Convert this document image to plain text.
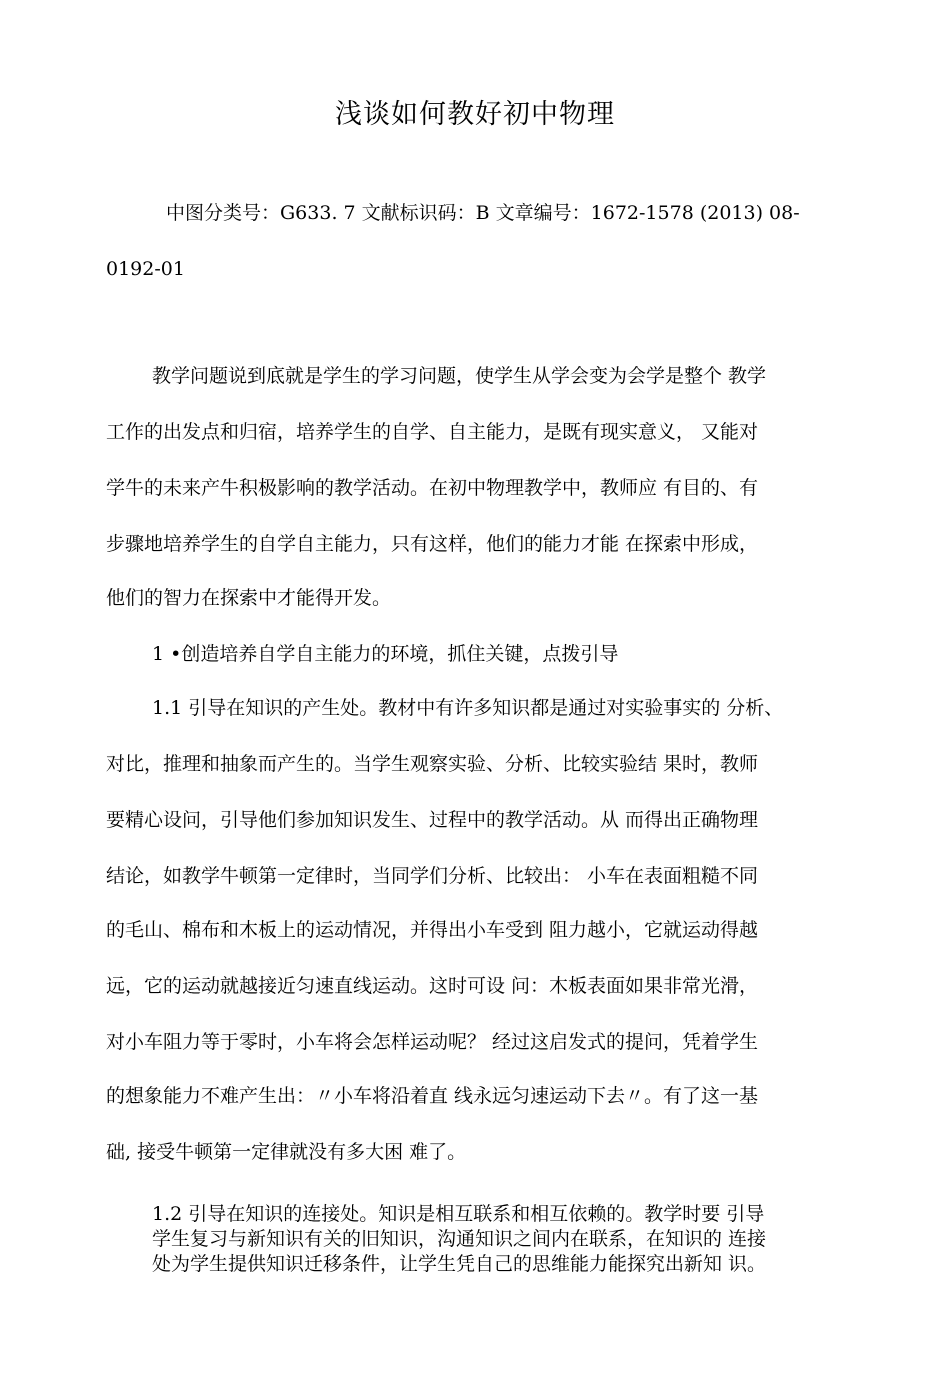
浅谈如何教好初中物理
中图分类号：G633. 7 文献标识码：B 文章编号：1672-1578 (2013) 08-
0192-01
教学问题说到底就是学生的学习问题，使学生从学会变为会学是整个 教学
工作的出发点和归宿，培养学生的自学、自主能力，是既有现实意义， 又能对
学牛的未来产牛积极影响的教学活动。在初中物理教学中，教师应 有目的、有
步骤地培养学生的自学自主能力，只有这样，他们的能力才能 在探索中形成，
他们的智力在探索中才能得开发。
1 •创造培养自学自主能力的环境，抓住关键，点拨引导
1.1 引导在知识的产生处。教材中有许多知识都是通过对实验事实的 分析、
对比，推理和抽象而产生的。当学生观察实验、分析、比较实验结 果时，教师
要精心设问，引导他们参加知识发生、过程中的教学活动。从 而得出正确物理
结论，如教学牛顿第一定律时，当同学们分析、比较出： 小车在表面粗糙不同
的毛山、棉布和木板上的运动情况，并得出小车受到 阻力越小，它就运动得越
远，它的运动就越接近匀速直线运动。这时可设 问：木板表面如果非常光滑，
对小车阻力等于零时，小车将会怎样运动呢？ 经过这启发式的提问，凭着学生
的想象能力不难产生出：〃小车将沿着直 线永远匀速运动下去〃。有了这一基
础, 接受牛顿第一定律就没有多大困 难了。
1.2 引导在知识的连接处。知识是相互联系和相互依赖的。教学时要 引导
学生复习与新知识有关的旧知识，沟通知识之间内在联系，在知识的 连接
处为学生提供知识迁移条件，让学生凭自己的思维能力能探究出新知 识。
